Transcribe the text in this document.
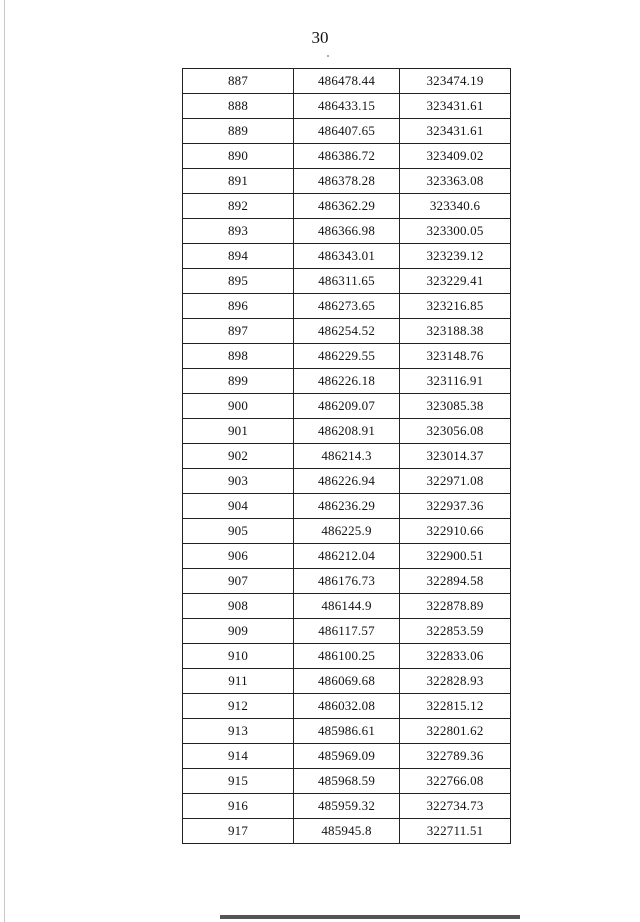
30
887	486478.44	323474.19
888	486433.15	323431.61
889	486407.65	323431.61
890	486386.72	323409.02
891	486378.28	323363.08
892	486362.29	323340.6
893	486366.98	323300.05
894	486343.01	323239.12
895	486311.65	323229.41
896	486273.65	323216.85
897	486254.52	323188.38
898	486229.55	323148.76
899	486226.18	323116.91
900	486209.07	323085.38
901	486208.91	323056.08
902	486214.3	323014.37
903	486226.94	322971.08
904	486236.29	322937.36
905	486225.9	322910.66
906	486212.04	322900.51
907	486176.73	322894.58
908	486144.9	322878.89
909	486117.57	322853.59
910	486100.25	322833.06
911	486069.68	322828.93
912	486032.08	322815.12
913	485986.61	322801.62
914	485969.09	322789.36
915	485968.59	322766.08
916	485959.32	322734.73
917	485945.8	322711.51
